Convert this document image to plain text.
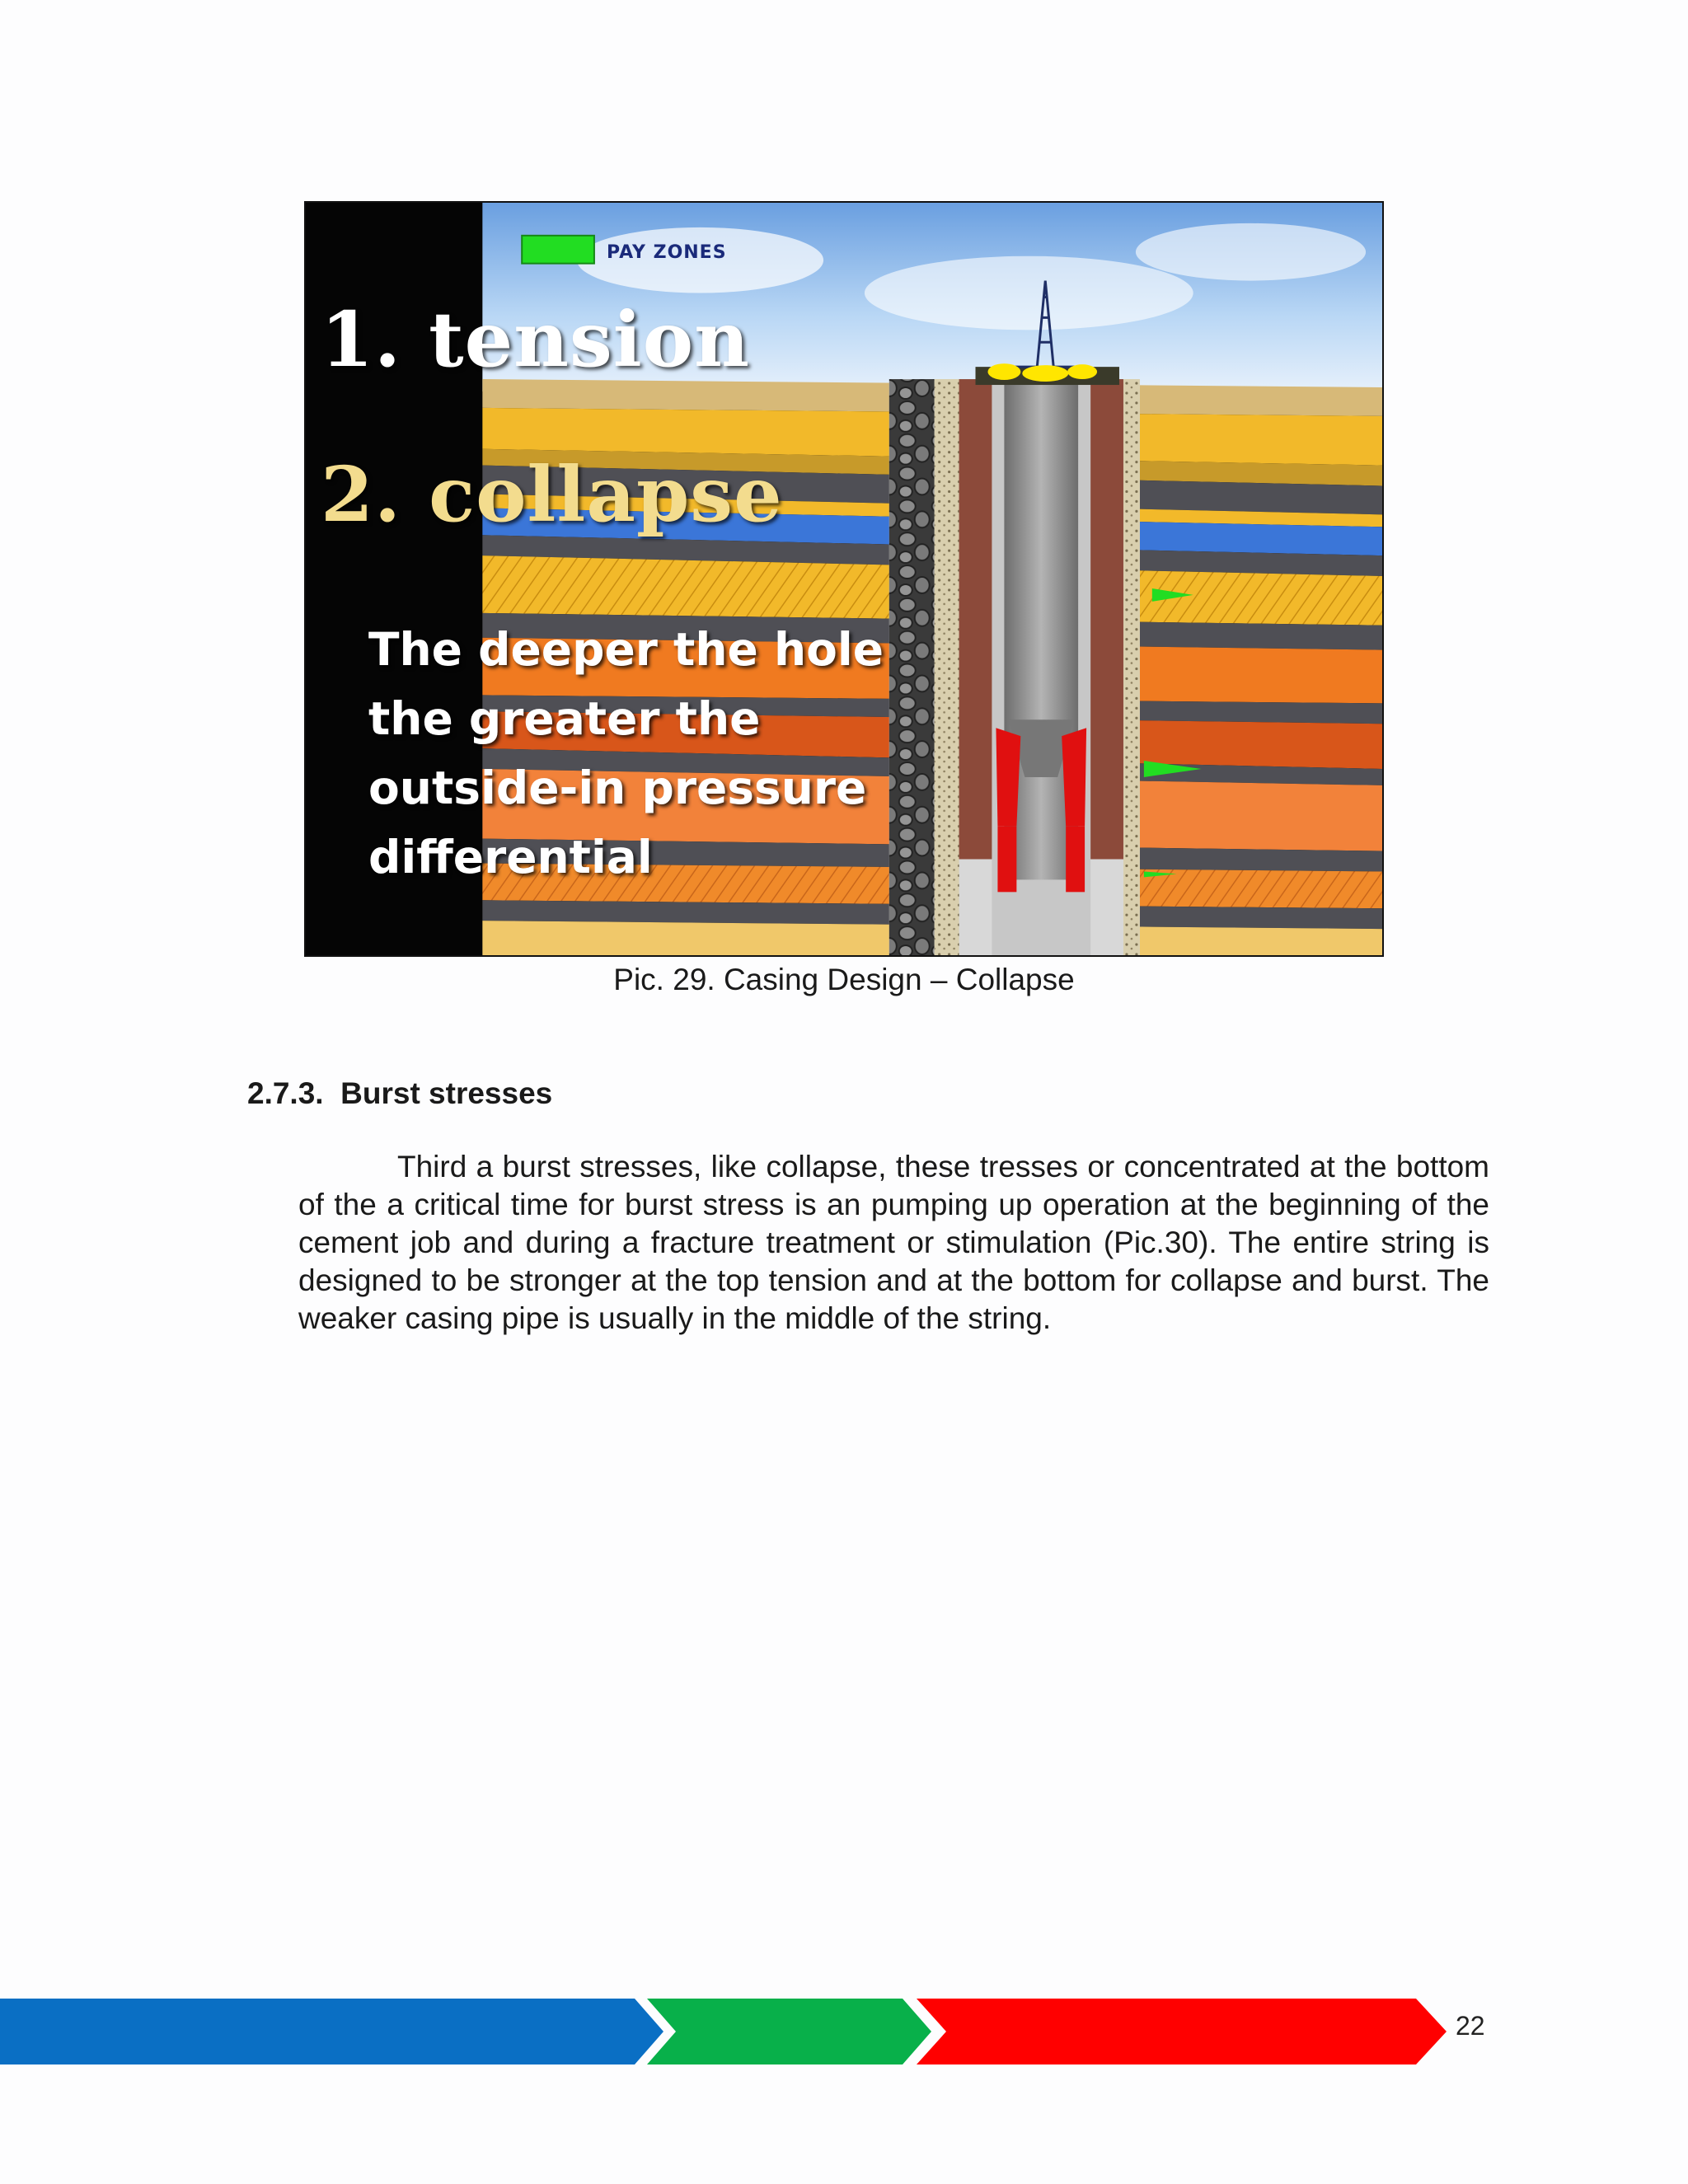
PAY ZONES
1. tension
2. collapse
The deeper the hole
the greater the
outside-in pressure
differential
Pic. 29. Casing Design – Collapse
2.7.3. Burst stresses
Third a burst stresses, like collapse, these tresses or concentrated at the bottom of the a critical time for burst stress is an pumping up operation at the beginning of the cement job and during a fracture treatment or stimulation (Pic.30). The entire string is designed to be stronger at the top tension and at the bottom for collapse and burst. The weaker casing pipe is usually in the middle of the string.
22
